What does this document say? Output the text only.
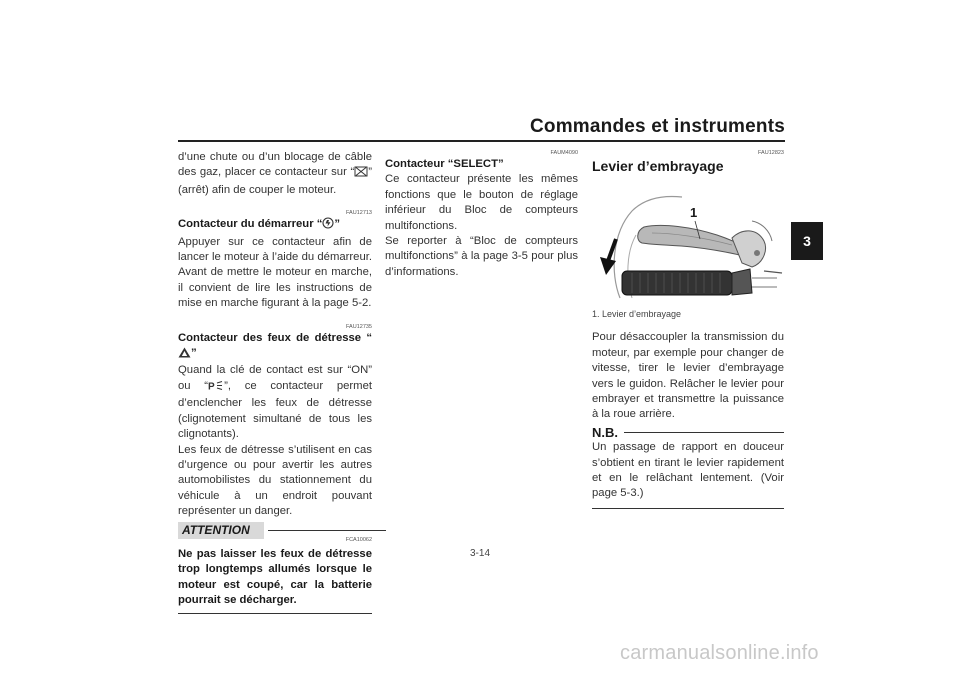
Commandes et instruments
3

d’une chute ou d’un blocage de câble des gaz, placer ce contacteur sur “ ” (arrêt) afin de couper le moteur.

FAU12713

Contacteur du démarreur “ ”

Appuyer sur ce contacteur afin de lancer le moteur à l’aide du démarreur. Avant de mettre le moteur en marche, il convient de lire les instructions de mise en marche figurant à la page 5-2.

FAU12735

Contacteur des feux de détresse “”

Quand la clé de contact est sur “ON” ou “ P ”, ce contacteur permet d’enclencher les feux de détresse (clignotement simultané de tous les clignotants).

Les feux de détresse s’utilisent en cas d’urgence ou pour avertir les autres automobilistes du stationnement du véhicule à un endroit pouvant représenter un danger.

ATTENTION
FCA10062

Ne pas laisser les feux de détresse trop longtemps allumés lorsque le moteur est coupé, car la batterie pourrait se décharger.

FAUM4090

Contacteur “SELECT”

Ce contacteur présente les mêmes fonctions que le bouton de réglage inférieur du Bloc de compteurs multifonctions.

Se reporter à “Bloc de compteurs multifonctions” à la page 3-5 pour plus d’informations.

FAU12823

Levier d’embrayage

1
1. Levier d’embrayage

Pour désaccoupler la transmission du moteur, par exemple pour changer de vitesse, tirer le levier d’embrayage vers le guidon. Relâcher le levier pour embrayer et transmettre la puissance à la roue arrière.

N.B.

Un passage de rapport en douceur s’obtient en tirant le levier rapidement et en le relâchant lentement. (Voir page 5-3.)

3-14
carmanualsonline.info
